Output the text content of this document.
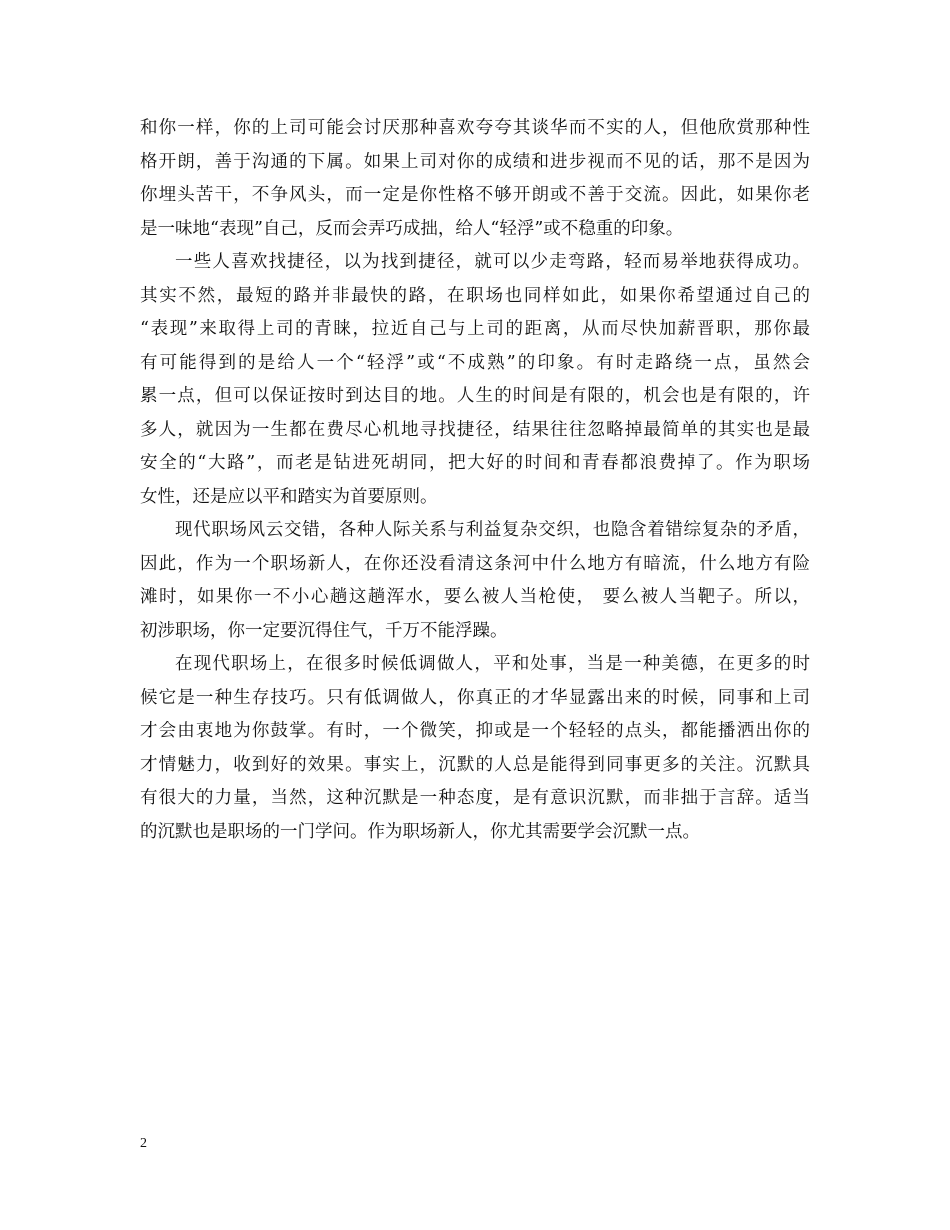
和你一样，你的上司可能会讨厌那种喜欢夸夸其谈华而不实的人，但他欣赏那种性
格开朗，善于沟通的下属。如果上司对你的成绩和进步视而不见的话，那不是因为
你埋头苦干，不争风头，而一定是你性格不够开朗或不善于交流。因此，如果你老
是一味地“表现”自己，反而会弄巧成拙，给人“轻浮”或不稳重的印象。
一些人喜欢找捷径，以为找到捷径，就可以少走弯路，轻而易举地获得成功。
其实不然，最短的路并非最快的路，在职场也同样如此，如果你希望通过自己的
“表现”来取得上司的青睐，拉近自己与上司的距离，从而尽快加薪晋职，那你最
有可能得到的是给人一个“轻浮”或“不成熟”的印象。有时走路绕一点，虽然会
累一点，但可以保证按时到达目的地。人生的时间是有限的，机会也是有限的，许
多人，就因为一生都在费尽心机地寻找捷径，结果往往忽略掉最简单的其实也是最
安全的“大路”，而老是钻进死胡同，把大好的时间和青春都浪费掉了。作为职场
女性，还是应以平和踏实为首要原则。
现代职场风云交错，各种人际关系与利益复杂交织，也隐含着错综复杂的矛盾，
因此，作为一个职场新人，在你还没看清这条河中什么地方有暗流，什么地方有险
滩时，如果你一不小心趟这趟浑水，要么被人当枪使， 要么被人当靶子。所以，
初涉职场，你一定要沉得住气，千万不能浮躁。
在现代职场上，在很多时候低调做人，平和处事，当是一种美德，在更多的时
候它是一种生存技巧。只有低调做人，你真正的才华显露出来的时候，同事和上司
才会由衷地为你鼓掌。有时，一个微笑，抑或是一个轻轻的点头，都能播洒出你的
才情魅力，收到好的效果。事实上，沉默的人总是能得到同事更多的关注。沉默具
有很大的力量，当然，这种沉默是一种态度，是有意识沉默，而非拙于言辞。适当
的沉默也是职场的一门学问。作为职场新人，你尤其需要学会沉默一点。
2
